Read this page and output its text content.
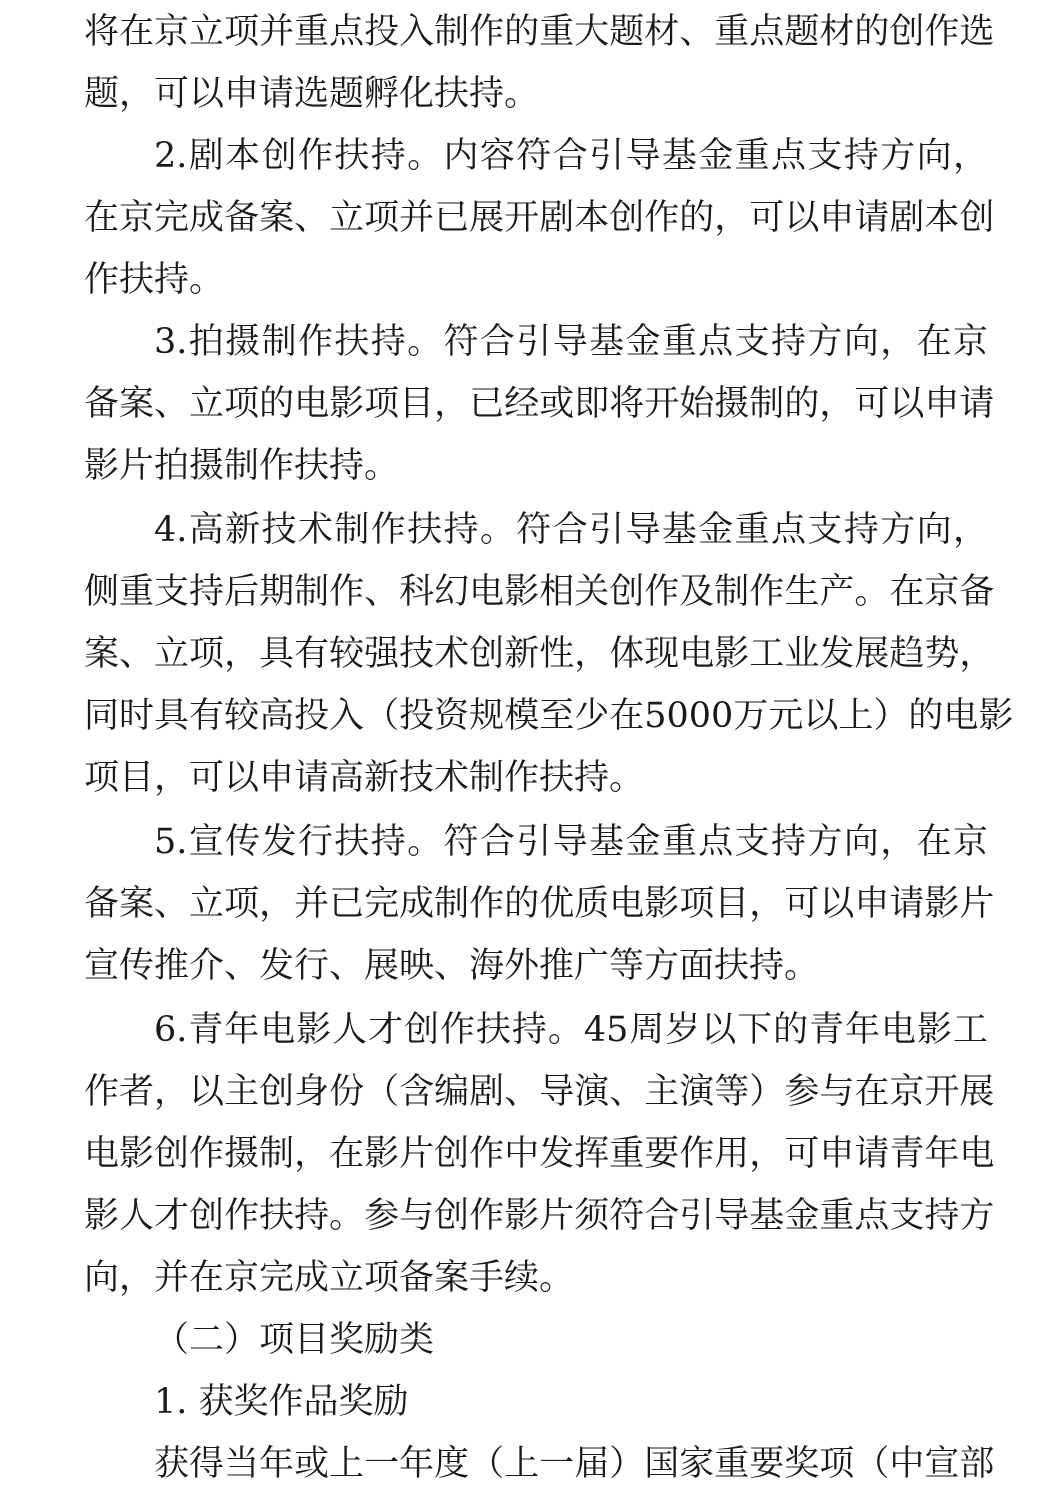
将 在 京 立 项 并 重 点 投 入 制 作 的 重 大 题 材 、 重 点 题 材 的 创 作 选
题，可以申请选题孵化扶持。
2. 剧 本 创 作 扶 持 。 内 容 符 合 引 导 基 金 重 点 支 持 方 向 ，
在 京 完 成 备 案 、 立 项 并 已 展 开 剧 本 创 作 的 ， 可 以 申 请 剧 本 创
作扶持。
3. 拍 摄 制 作 扶 持 。 符 合 引 导 基 金 重 点 支 持 方 向 ， 在 京
备 案 、 立 项 的 电 影 项 目 ， 已 经 或 即 将 开 始 摄 制 的 ， 可 以 申 请
影片拍摄制作扶持。
4. 高 新 技 术 制 作 扶 持 。 符 合 引 导 基 金 重 点 支 持 方 向 ，
侧 重 支 持 后 期 制 作 、 科 幻 电 影 相 关 创 作 及 制 作 生 产 。 在 京 备
案 、 立 项 ， 具 有 较 强 技 术 创 新 性 ， 体 现 电 影 工 业 发 展 趋 势 ，
同 时 具 有 较 高 投 入 （ 投 资 规 模 至 少 在 5000 万 元 以 上 ） 的 电 影
项目，可以申请高新技术制作扶持。
5. 宣 传 发 行 扶 持 。 符 合 引 导 基 金 重 点 支 持 方 向 ， 在 京
备 案 、 立 项 ， 并 已 完 成 制 作 的 优 质 电 影 项 目 ， 可 以 申 请 影 片
宣传推介、发行、展映、海外推广等方面扶持。
6. 青 年 电 影 人 才 创 作 扶 持 。 45 周 岁 以 下 的 青 年 电 影 工
作 者 ， 以 主 创 身 份 （ 含 编 剧 、 导 演 、 主 演 等 ） 参 与 在 京 开 展
电 影 创 作 摄 制 ， 在 影 片 创 作 中 发 挥 重 要 作 用 ， 可 申 请 青 年 电
影 人 才 创 作 扶 持 。 参 与 创 作 影 片 须 符 合 引 导 基 金 重 点 支 持 方
向，并在京完成立项备案手续。
（二）项目奖励类
1. 获奖作品奖励
获 得 当 年 或 上 一 年 度 （ 上 一 届 ） 国 家 重 要 奖 项 （ 中 宣 部
